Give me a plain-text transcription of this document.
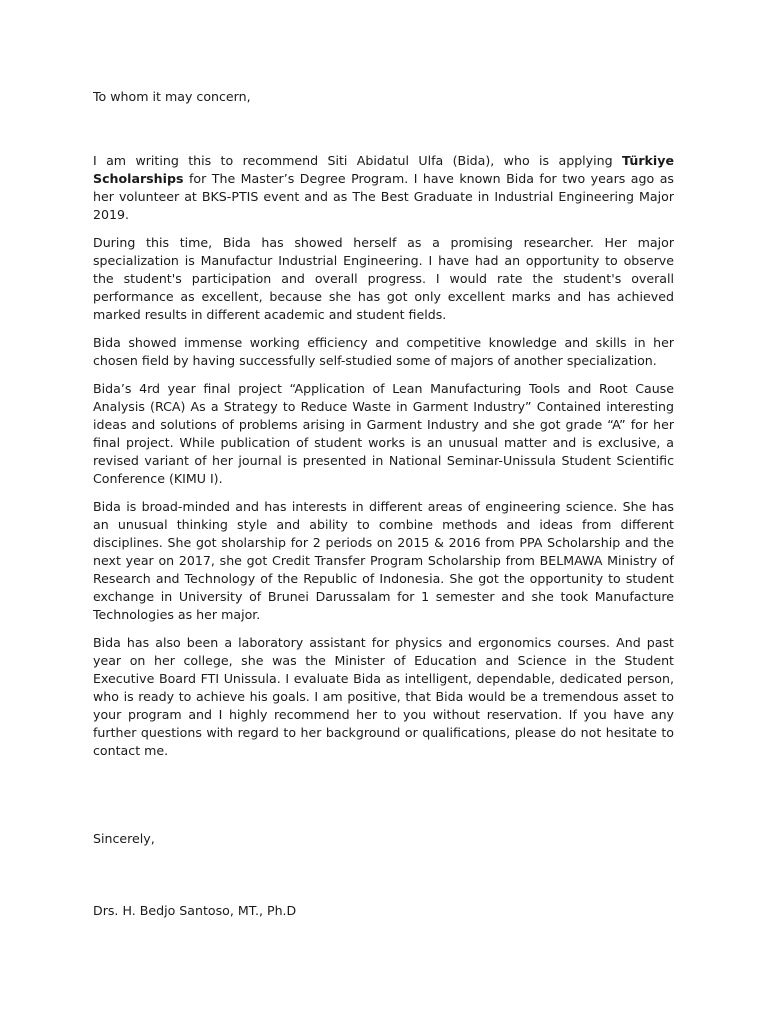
To whom it may concern,

I am writing this to recommend Siti Abidatul Ulfa (Bida), who is applying Türkiye Scholarships for The Master’s Degree Program. I have known Bida for two years ago as her volunteer at BKS-PTIS event and as The Best Graduate in Industrial Engineering Major 2019.

During this time, Bida has showed herself as a promising researcher. Her major specialization is Manufactur Industrial Engineering. I have had an opportunity to observe the student's participation and overall progress. I would rate the student's overall performance as excellent, because she has got only excellent marks and has achieved marked results in different academic and student fields.

Bida showed immense working efficiency and competitive knowledge and skills in her chosen field by having successfully self-studied some of majors of another specialization.

Bida’s 4rd year final project “Application of Lean Manufacturing Tools and Root Cause Analysis (RCA) As a Strategy to Reduce Waste in Garment Industry” Contained interesting ideas and solutions of problems arising in Garment Industry and she got grade “A” for her final project. While publication of student works is an unusual matter and is exclusive, a revised variant of her journal is presented in National Seminar-Unissula Student Scientific Conference (KIMU I).

Bida is broad-minded and has interests in different areas of engineering science. She has an unusual thinking style and ability to combine methods and ideas from different disciplines. She got sholarship for 2 periods on 2015 & 2016 from PPA Scholarship and the next year on 2017, she got Credit Transfer Program Scholarship from BELMAWA Ministry of Research and Technology of the Republic of Indonesia. She got the opportunity to student exchange in University of Brunei Darussalam for 1 semester and she took Manufacture Technologies as her major.

Bida has also been a laboratory assistant for physics and ergonomics courses. And past year on her college, she was the Minister of Education and Science in the Student Executive Board FTI Unissula. I evaluate Bida as intelligent, dependable, dedicated person, who is ready to achieve his goals. I am positive, that Bida would be a tremendous asset to your program and I highly recommend her to you without reservation. If you have any further questions with regard to her background or qualifications, please do not hesitate to contact me.

Sincerely,

Drs. H. Bedjo Santoso, MT., Ph.D
